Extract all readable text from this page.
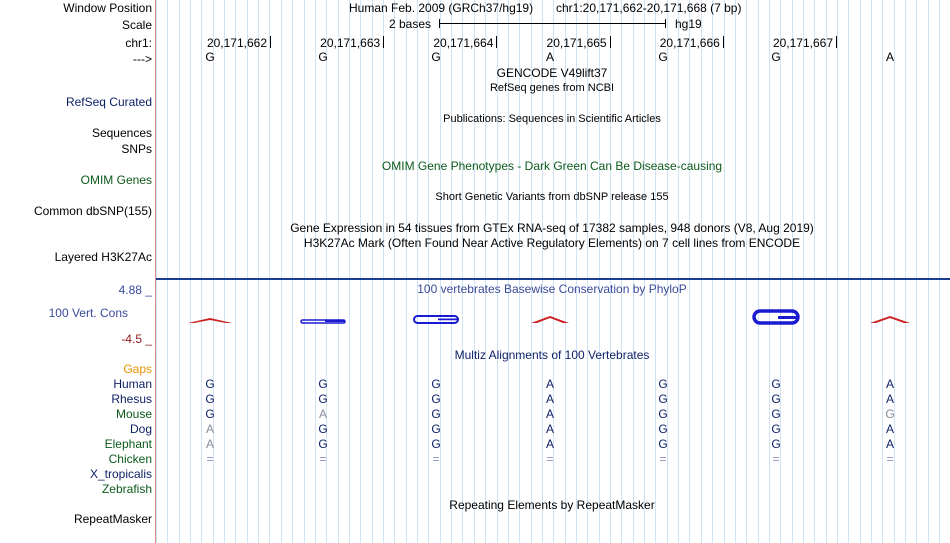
Window Position	Human Feb. 2009 (GRCh37/hg19) chr1:20,171,662-20,171,668 (7 bp)
Scale	2 bases	hg19
chr1:	20,171,662	20,171,663	20,171,664	20,171,665	20,171,666	20,171,667
--->	G	G	G	A	G	G	A
GENCODE V49lift37
RefSeq genes from NCBI
RefSeq Curated
Publications: Sequences in Scientific Articles
Sequences
SNPs
OMIM Gene Phenotypes - Dark Green Can Be Disease-causing
OMIM Genes
Short Genetic Variants from dbSNP release 155
Common dbSNP(155)
Gene Expression in 54 tissues from GTEx RNA-seq of 17382 samples, 948 donors (V8, Aug 2019)
H3K27Ac Mark (Often Found Near Active Regulatory Elements) on 7 cell lines from ENCODE
Layered H3K27Ac
4.88 _	100 vertebrates Basewise Conservation by PhyloP
100 Vert. Cons
-4.5 _
Multiz Alignments of 100 Vertebrates
Gaps
Human	G	G	G	A	G	G	A
Rhesus	G	G	G	A	G	G	A
Mouse	G	A	G	A	G	G	G
Dog	A	G	G	A	G	G	A
Elephant	A	G	G	A	G	G	A
Chicken	=	=	=	=	=	=	=
X_tropicalis
Zebrafish
Repeating Elements by RepeatMasker
RepeatMasker
